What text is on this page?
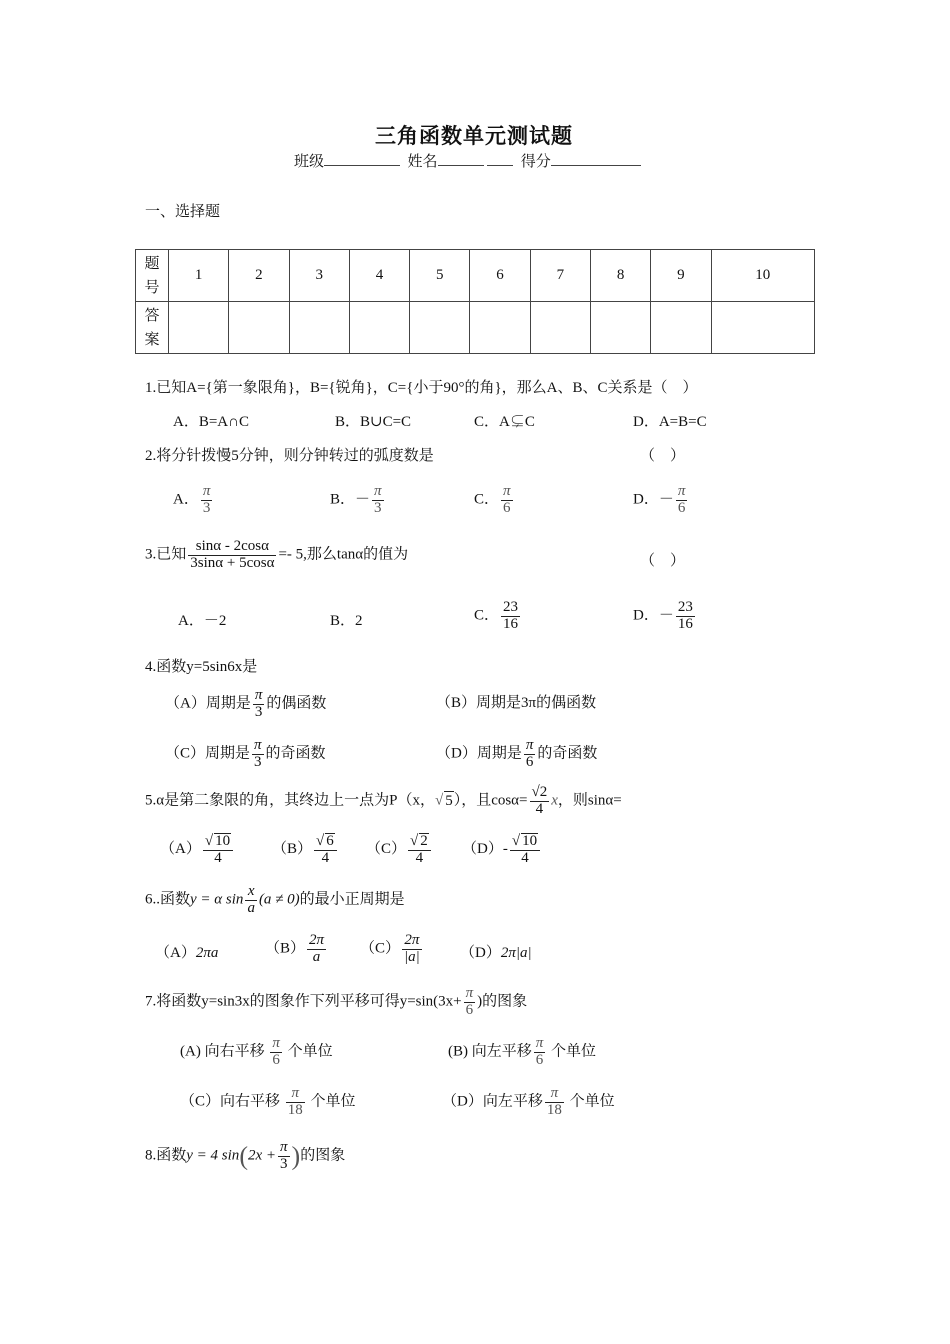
三角函数单元测试题
班级	姓名	得分
一、选择题
题
号	1	2	3	4	5	6	7	8	9	10
答
案										
1.已知A={第一象限角}，B={锐角}，C={小于90°的角}，那么A、B、C关系是（　）
A．B=A∩C	B．B∪C=C	C．A⊊C	D．A=B=C
2.将分针拨慢5分钟，则分钟转过的弧度数是	（　）
A． $\frac{\pi}{3}$	B．－ $\frac{\pi}{3}$	C． $\frac{\pi}{6}$	D．－ $\frac{\pi}{6}$
3.已知 $\frac{\sin\alpha - 2\cos\alpha}{3\sin\alpha + 5\cos\alpha} =- 5$,那么tanα的值为	（　）
A．－2	B．2	C． $\frac{23}{16}$	D．－ $\frac{23}{16}$
4.函数y=5sin6x是
（A）周期是 $\frac{\pi}{3}$ 的偶函数	（B）周期是3π的偶函数
（C）周期是 $\frac{\pi}{3}$ 的奇函数	（D）周期是 $\frac{\pi}{6}$ 的奇函数
5.α是第二象限的角，其终边上一点为P（x，√ 5），且$\cos\alpha= \frac{√2}{4}$ x，则sinα=
$(A) \frac{√ 10}{4}$	$(B) \frac{√ 6}{4} (C) \frac{√ 2}{4} (D)- \frac{√ 10}{4}$
6..函数y = α $\sin \frac{x}{a} (a \ne 0)$的最小正周期是
（A）2πa	$(B) \frac{2\pi}{a} (C) \frac{2\pi}{|a|}$	（D）2π|a|
7.将函数y=sin3x的图象作下列平移可得$y=\sin(3x+ \frac{\pi}{6}$ )的图象
(A) 向右平移 $\frac{\pi}{6}$ 个单位	(B) 向左平移 $\frac{\pi}{6}$ 个单位
（C）向右平移 $\frac{\pi}{18}$ 个单位	（D）向左平移 $\frac{\pi}{18}$ 个单位
8.函数y = 4 $\sin(2x + \frac{\pi}{3}$ )的图象
